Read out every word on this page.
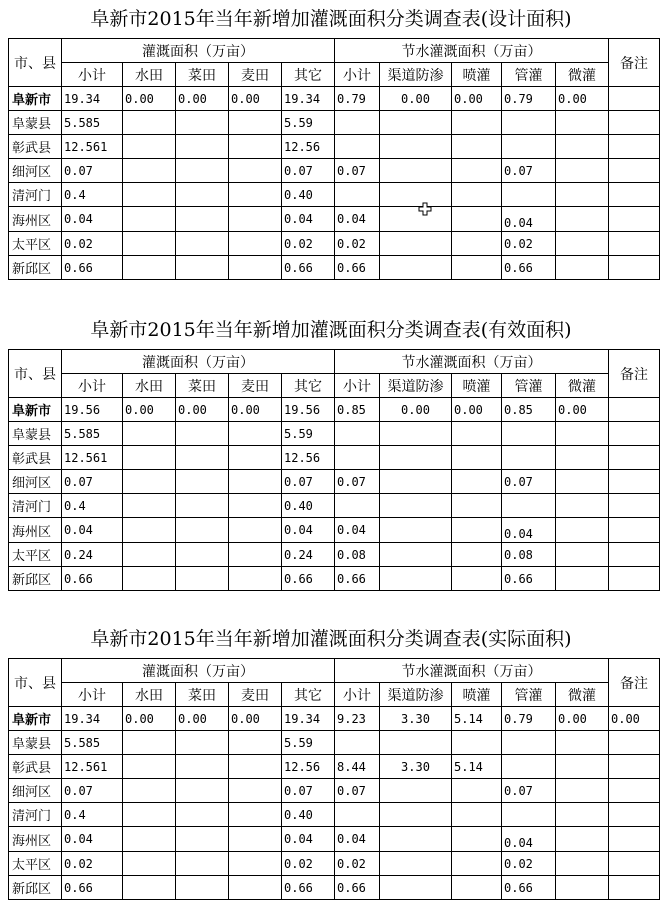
阜新市2015年当年新增加灌溉面积分类调查表(设计面积)
市、县	灌溉面积（万亩）					节水灌溉面积（万亩）					备注
	小计	水田	菜田	麦田	其它	小计	渠道防渗	喷灌	管灌	微灌	
阜新市	19.34	0.00	0.00	0.00	19.34	0.79	0.00	0.00	0.79	0.00	
阜蒙县	5.585				5.59						
彰武县	12.561				12.56						
细河区	0.07				0.07	0.07			0.07		
清河门	0.4				0.40						
海州区	0.04				0.04	0.04			0.04		
太平区	0.02				0.02	0.02			0.02		
新邱区	0.66				0.66	0.66			0.66		
阜新市2015年当年新增加灌溉面积分类调查表(有效面积)
市、县	灌溉面积（万亩）					节水灌溉面积（万亩）					备注
	小计	水田	菜田	麦田	其它	小计	渠道防渗	喷灌	管灌	微灌	
阜新市	19.56	0.00	0.00	0.00	19.56	0.85	0.00	0.00	0.85	0.00	
阜蒙县	5.585				5.59						
彰武县	12.561				12.56						
细河区	0.07				0.07	0.07			0.07		
清河门	0.4				0.40						
海州区	0.04				0.04	0.04			0.04		
太平区	0.24				0.24	0.08			0.08		
新邱区	0.66				0.66	0.66			0.66		
阜新市2015年当年新增加灌溉面积分类调查表(实际面积)
市、县	灌溉面积（万亩）					节水灌溉面积（万亩）					备注
	小计	水田	菜田	麦田	其它	小计	渠道防渗	喷灌	管灌	微灌	
阜新市	19.34	0.00	0.00	0.00	19.34	9.23	3.30	5.14	0.79	0.00	0.00
阜蒙县	5.585				5.59						
彰武县	12.561				12.56	8.44	3.30	5.14			
细河区	0.07				0.07	0.07			0.07		
清河门	0.4				0.40						
海州区	0.04				0.04	0.04			0.04		
太平区	0.02				0.02	0.02			0.02		
新邱区	0.66				0.66	0.66			0.66		
